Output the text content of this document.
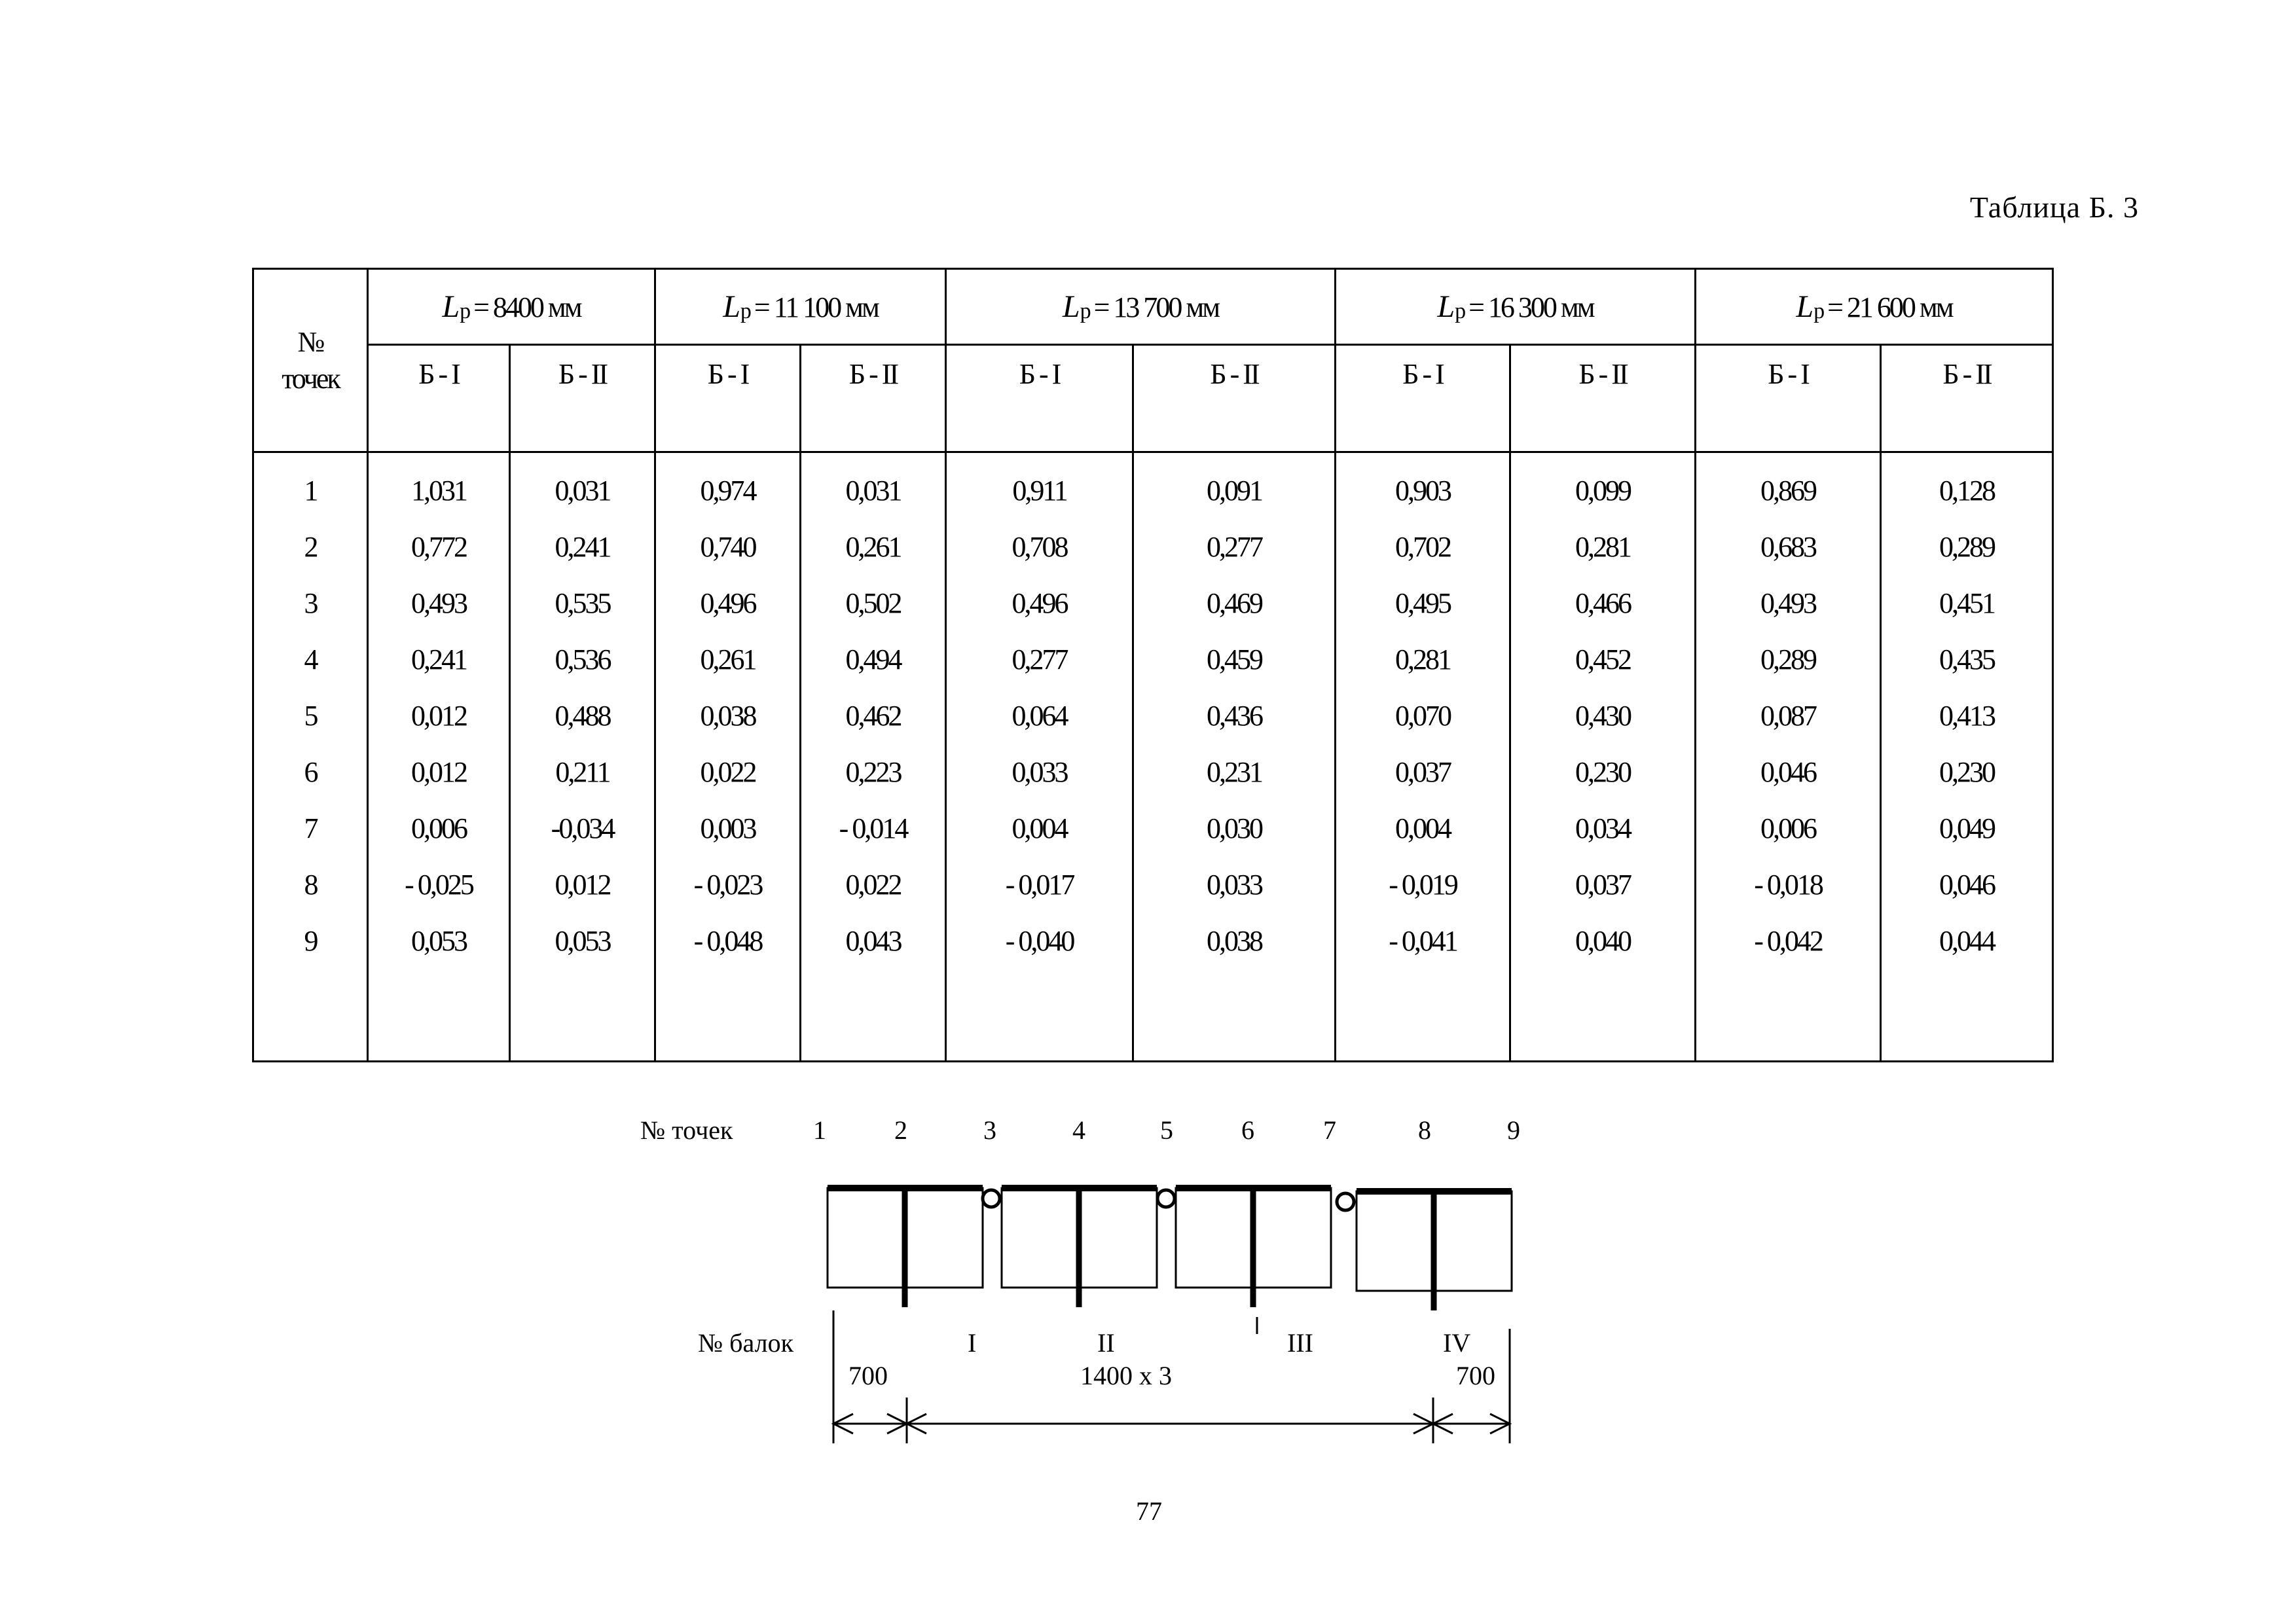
Таблица Б. 3
№
точек	$L_р= 8400$ мм		$L_р= 11$ 100 мм		$L_р= 13$ 700 мм		$L_р= 16$ 300 мм		$L_р= 21$ 600 мм	
	Б - I	Б - II	Б - I	Б - II	Б - I	Б - II	Б - I	Б - II	Б - I	Б - II
1	1,031	0,031	0,974	0,031	0,911	0,091	0,903	0,099	0,869	0,128
2	0,772	0,241	0,740	0,261	0,708	0,277	0,702	0,281	0,683	0,289
3	0,493	0,535	0,496	0,502	0,496	0,469	0,495	0,466	0,493	0,451
4	0,241	0,536	0,261	0,494	0,277	0,459	0,281	0,452	0,289	0,435
5	0,012	0,488	0,038	0,462	0,064	0,436	0,070	0,430	0,087	0,413
6	0,012	0,211	0,022	0,223	0,033	0,231	0,037	0,230	0,046	0,230
7	0,006	-0,034	0,003	- 0,014	0,004	0,030	0,004	0,034	0,006	0,049
8	- 0,025	0,012	- 0,023	0,022	- 0,017	0,033	- 0,019	0,037	- 0,018	0,046
9	0,053	0,053	- 0,048	0,043	- 0,040	0,038	- 0,041	0,040	- 0,042	0,044

№ точек	1	2	3	4	5	6	7	8	9
№ балок	I	II	III	IV
700	1400 x 3	700
77
